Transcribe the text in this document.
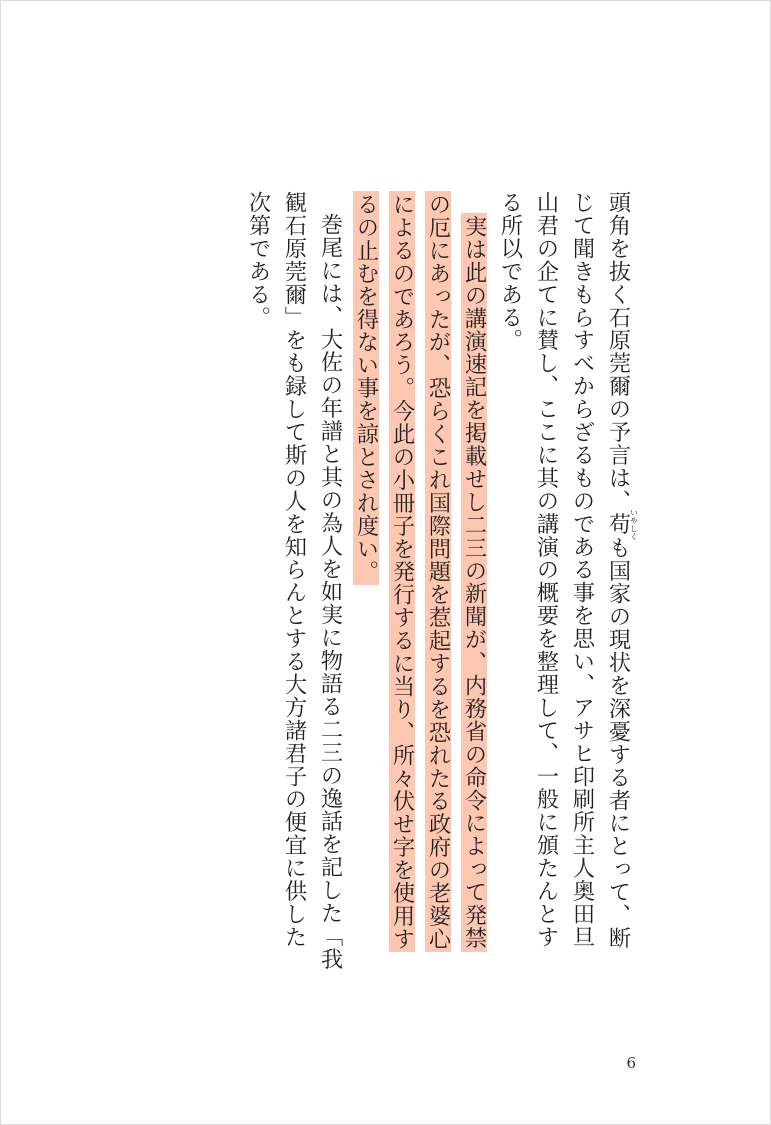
頭角を抜く石原莞爾の予言は、苟いやしくも国家の現状を深憂する者にとって、断じて聞きもらすべからざるものである事を思い、アサヒ印刷所主人奥田旦山君の企てに賛し、ここに其の講演の概要を整理して、一般に頒たんとする所以である。

実は此の講演速記を掲載せし二三の新聞が、内務省の命令によって発禁の厄にあったが、恐らくこれ国際問題を惹起するを恐れたる政府の老婆心によるのであろう。今此の小冊子を発行するに当り、所々伏せ字を使用するの止むを得ない事を諒とされ度い。

巻尾には、大佐の年譜と其の為人を如実に物語る二三の逸話を記した「我観石原莞爾」をも録して斯の人を知らんとする大方諸君子の便宜に供した次第である。

6
